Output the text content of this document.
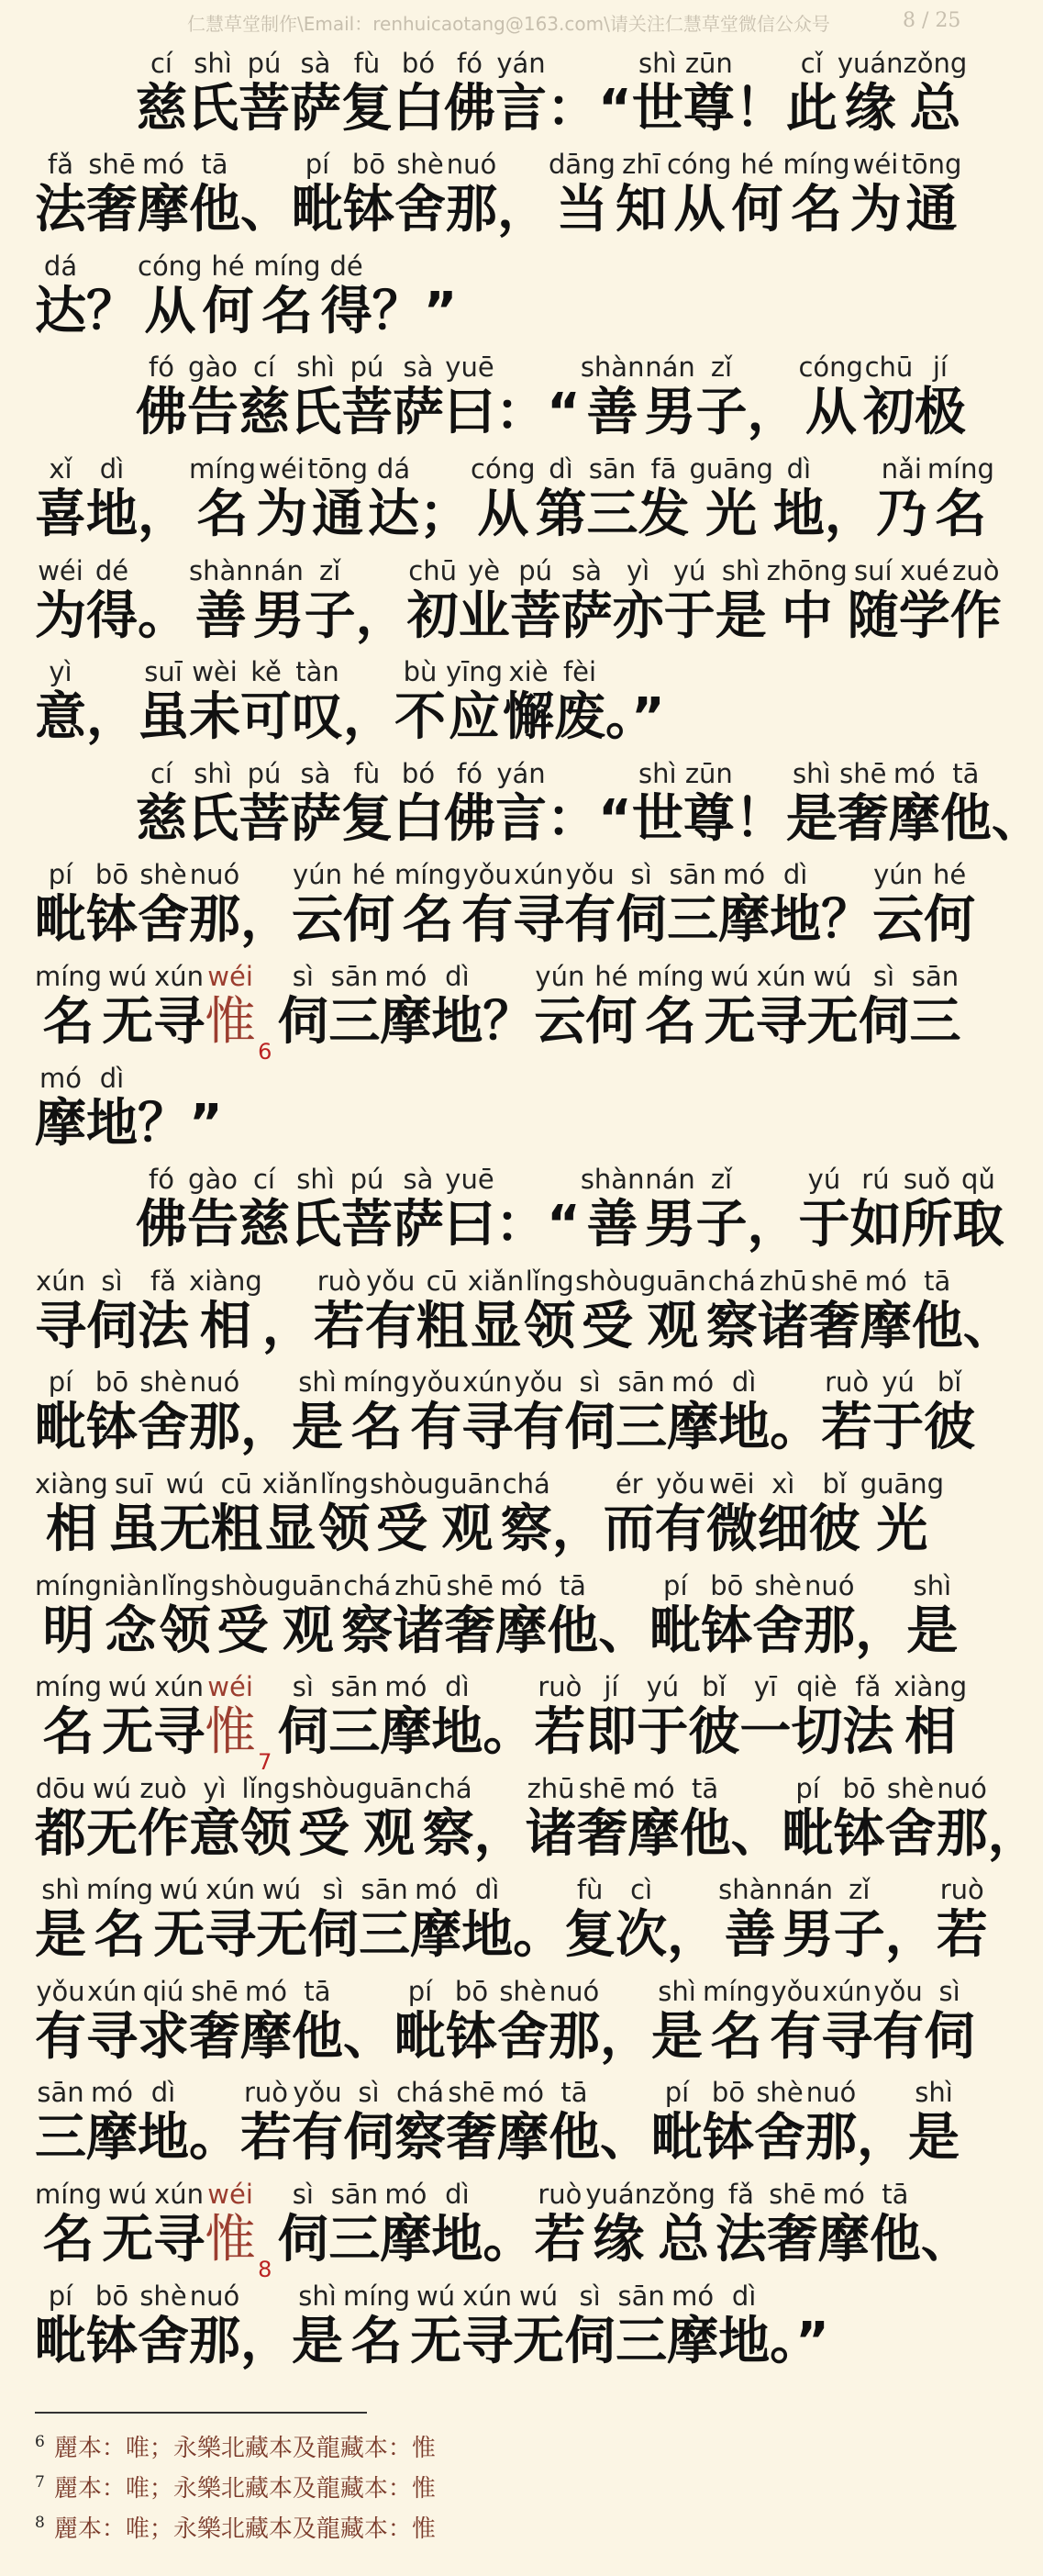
仁慧草堂制作\Email：renhuicaotang@163.com\请关注仁慧草堂微信公众号	8 / 25
cí
慈
shì
氏
pú
菩
sà
萨
fù
复
bó
白
fó
佛
yán
言 ：“
shì
世
zūn
尊 ！
cǐ
此
yuán
缘
zǒng
总
fǎ
法
shē
奢
mó
摩
tā
他 、
pí
毗
bō
钵
shè
舍
nuó
那 ，
dāng
当
zhī
知
cóng
从
hé
何
míng
名
wéi
为
tōng
通
dá
达 ？
cóng
从
hé
何
míng
名
dé
得 ？”
fó
佛
gào
告
cí
慈
shì
氏
pú
菩
sà
萨
yuē
曰 ：“
shàn
善
nán
男
zǐ
子 ，
cóng
从
chū
初
jí
极
xǐ
喜
dì
地 ，
míng
名
wéi
为
tōng
通
dá
达 ；
cóng
从
dì
第
sān
三
fā
发
guāng
光
dì
地 ，
nǎi
乃
míng
名
wéi
为
dé
得 。
shàn
善
nán
男
zǐ
子 ，
chū
初
yè
业
pú
菩
sà
萨
yì
亦
yú
于
shì
是
zhōng
中
suí
随
xué
学
zuò
作
yì
意 ，
suī
虽
wèi
未
kě
可
tàn
叹 ，
bù
不
yīng
应
xiè
懈
fèi
废 。”
cí
慈
shì
氏
pú
菩
sà
萨
fù
复
bó
白
fó
佛
yán
言 ：“
shì
世
zūn
尊 ！
shì
是
shē
奢
mó
摩
tā
他 、
pí
毗
bō
钵
shè
舍
nuó
那 ，
yún
云
hé
何
míng
名
yǒu
有
xún
寻
yǒu
有
sì
伺
sān
三
mó
摩
dì
地 ？
yún
云
hé
何
míng
名
wú
无
xún
寻
wéi
惟 6
sì
伺
sān
三
mó
摩
dì
地 ？
yún
云
hé
何
míng
名
wú
无
xún
寻
wú
无
sì
伺
sān
三
mó
摩
dì
地 ？”
fó
佛
gào
告
cí
慈
shì
氏
pú
菩
sà
萨
yuē
曰 ：“
shàn
善
nán
男
zǐ
子 ，
yú
于
rú
如
suǒ
所
qǔ
取
xún
寻
sì
伺
fǎ
法
xiàng
相 ，
ruò
若
yǒu
有
cū
粗
xiǎn
显
lǐng
领
shòu
受
guān
观
chá
察
zhū
诸
shē
奢
mó
摩
tā
他 、
pí
毗
bō
钵
shè
舍
nuó
那 ，
shì
是
míng
名
yǒu
有
xún
寻
yǒu
有
sì
伺
sān
三
mó
摩
dì
地 。
ruò
若
yú
于
bǐ
彼
xiàng
相
suī
虽
wú
无
cū
粗
xiǎn
显
lǐng
领
shòu
受
guān
观
chá
察 ，
ér
而
yǒu
有
wēi
微
xì
细
bǐ
彼
guāng
光
míng
明
niàn
念
lǐng
领
shòu
受
guān
观
chá
察
zhū
诸
shē
奢
mó
摩
tā
他 、
pí
毗
bō
钵
shè
舍
nuó
那 ，
shì
是
míng
名
wú
无
xún
寻
wéi
惟 7
sì
伺
sān
三
mó
摩
dì
地 。
ruò
若
jí
即
yú
于
bǐ
彼
yī
一
qiè
切
fǎ
法
xiàng
相
dōu
都
wú
无
zuò
作
yì
意
lǐng
领
shòu
受
guān
观
chá
察 ，
zhū
诸
shē
奢
mó
摩
tā
他 、
pí
毗
bō
钵
shè
舍
nuó
那 ，
shì
是
míng
名
wú
无
xún
寻
wú
无
sì
伺
sān
三
mó
摩
dì
地 。
fù
复
cì
次 ，
shàn
善
nán
男
zǐ
子 ，
ruò
若
yǒu
有
xún
寻
qiú
求
shē
奢
mó
摩
tā
他 、
pí
毗
bō
钵
shè
舍
nuó
那 ，
shì
是
míng
名
yǒu
有
xún
寻
yǒu
有
sì
伺
sān
三
mó
摩
dì
地 。
ruò
若
yǒu
有
sì
伺
chá
察
shē
奢
mó
摩
tā
他 、
pí
毗
bō
钵
shè
舍
nuó
那 ，
shì
是
míng
名
wú
无
xún
寻
wéi
惟 8
sì
伺
sān
三
mó
摩
dì
地 。
ruò
若
yuán
缘
zǒng
总
fǎ
法
shē
奢
mó
摩
tā
他 、
pí
毗
bō
钵
shè
舍
nuó
那 ，
shì
是
míng
名
wú
无
xún
寻
wú
无
sì
伺
sān
三
mó
摩
dì
地 。”
$^6$ 麗本：唯；永樂北藏本及龍藏本：惟
$^7$ 麗本：唯；永樂北藏本及龍藏本：惟
$^8$ 麗本：唯；永樂北藏本及龍藏本：惟
